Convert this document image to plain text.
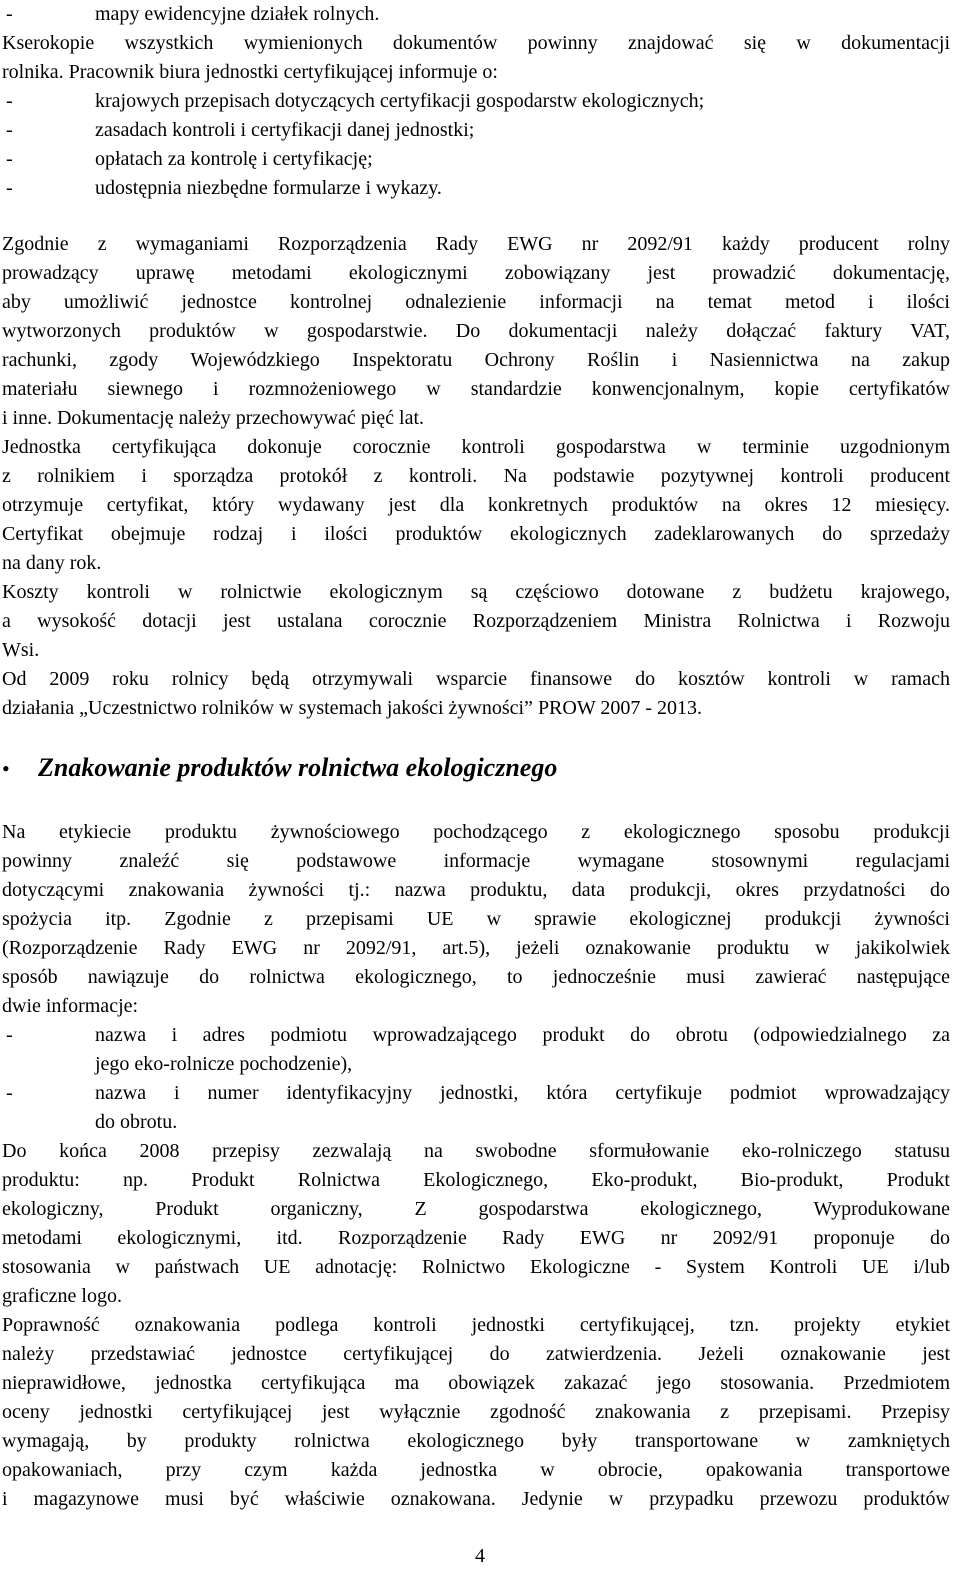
-	mapy ewidencyjne działek rolnych.
Kserokopie wszystkich wymienionych dokumentów powinny znajdować się w dokumentacji
rolnika. Pracownik biura jednostki certyfikującej informuje o:
-	krajowych przepisach dotyczących certyfikacji gospodarstw ekologicznych;
-	zasadach kontroli i certyfikacji danej jednostki;
-	opłatach za kontrolę i certyfikację;
-	udostępnia niezbędne formularze i wykazy.
Zgodnie z wymaganiami Rozporządzenia Rady EWG nr 2092/91 każdy producent rolny
prowadzący uprawę metodami ekologicznymi zobowiązany jest prowadzić dokumentację,
aby umożliwić jednostce kontrolnej odnalezienie informacji na temat metod i ilości
wytworzonych produktów w gospodarstwie. Do dokumentacji należy dołączać faktury VAT,
rachunki, zgody Wojewódzkiego Inspektoratu Ochrony Roślin i Nasiennictwa na zakup
materiału siewnego i rozmnożeniowego w standardzie konwencjonalnym, kopie certyfikatów
i inne. Dokumentację należy przechowywać pięć lat.
Jednostka certyfikująca dokonuje corocznie kontroli gospodarstwa w terminie uzgodnionym
z rolnikiem i sporządza protokół z kontroli. Na podstawie pozytywnej kontroli producent
otrzymuje certyfikat, który wydawany jest dla konkretnych produktów na okres 12 miesięcy.
Certyfikat obejmuje rodzaj i ilości produktów ekologicznych zadeklarowanych do sprzedaży
na dany rok.
Koszty kontroli w rolnictwie ekologicznym są częściowo dotowane z budżetu krajowego,
a wysokość dotacji jest ustalana corocznie Rozporządzeniem Ministra Rolnictwa i Rozwoju
Wsi.
Od 2009 roku rolnicy będą otrzymywali wsparcie finansowe do kosztów kontroli w ramach
działania „Uczestnictwo rolników w systemach jakości żywności” PROW 2007 - 2013.
•	Znakowanie produktów rolnictwa ekologicznego
Na etykiecie produktu żywnościowego pochodzącego z ekologicznego sposobu produkcji
powinny znaleźć się podstawowe informacje wymagane stosownymi regulacjami
dotyczącymi znakowania żywności tj.: nazwa produktu, data produkcji, okres przydatności do
spożycia itp. Zgodnie z przepisami UE w sprawie ekologicznej produkcji żywności
(Rozporządzenie Rady EWG nr 2092/91, art.5), jeżeli oznakowanie produktu w jakikolwiek
sposób nawiązuje do rolnictwa ekologicznego, to jednocześnie musi zawierać następujące
dwie informacje:
-	nazwa i adres podmiotu wprowadzającego produkt do obrotu (odpowiedzialnego za
jego eko-rolnicze pochodzenie),
-	nazwa i numer identyfikacyjny jednostki, która certyfikuje podmiot wprowadzający
do obrotu.
Do końca 2008 przepisy zezwalają na swobodne sformułowanie eko-rolniczego statusu
produktu: np. Produkt Rolnictwa Ekologicznego, Eko-produkt, Bio-produkt, Produkt
ekologiczny, Produkt organiczny, Z gospodarstwa ekologicznego, Wyprodukowane
metodami ekologicznymi, itd. Rozporządzenie Rady EWG nr 2092/91 proponuje do
stosowania w państwach UE adnotację: Rolnictwo Ekologiczne - System Kontroli UE i/lub
graficzne logo.
Poprawność oznakowania podlega kontroli jednostki certyfikującej, tzn. projekty etykiet
należy przedstawiać jednostce certyfikującej do zatwierdzenia. Jeżeli oznakowanie jest
nieprawidłowe, jednostka certyfikująca ma obowiązek zakazać jego stosowania. Przedmiotem
oceny jednostki certyfikującej jest wyłącznie zgodność znakowania z przepisami. Przepisy
wymagają, by produkty rolnictwa ekologicznego były transportowane w zamkniętych
opakowaniach, przy czym każda jednostka w obrocie, opakowania transportowe
i magazynowe musi być właściwie oznakowana. Jedynie w przypadku przewozu produktów
4
